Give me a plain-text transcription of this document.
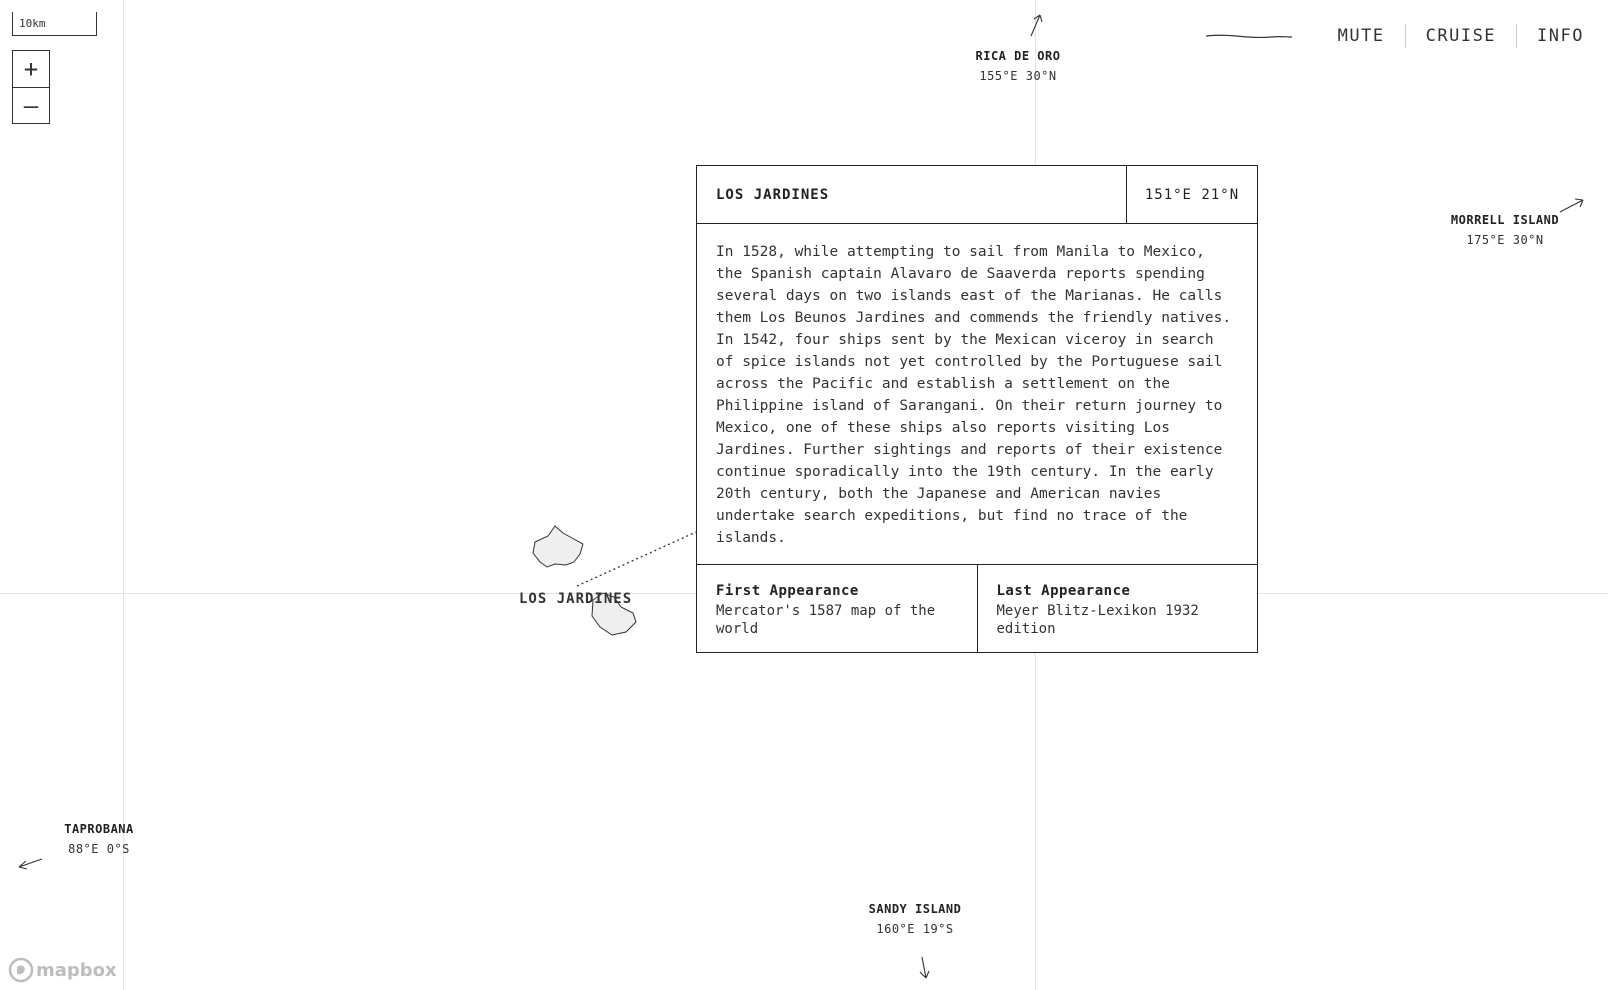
10km
+
—
MUTE	CRUISE	INFO
RICA DE ORO
155°E 30°N
MORRELL ISLAND
175°E 30°N
TAPROBANA
88°E 0°S
SANDY ISLAND
160°E 19°S
LOS JARDINES
LOS JARDINES	151°E 21°N
In 1528, while attempting to sail from Manila to Mexico, the Spanish captain Alavaro de Saaverda reports spending several days on two islands east of the Marianas. He calls them Los Beunos Jardines and commends the friendly natives. In 1542, four ships sent by the Mexican viceroy in search of spice islands not yet controlled by the Portuguese sail across the Pacific and establish a settlement on the Philippine island of Sarangani. On their return journey to Mexico, one of these ships also reports visiting Los Jardines. Further sightings and reports of their existence continue sporadically into the 19th century. In the early 20th century, both the Japanese and American navies undertake search expeditions, but find no trace of the islands.
First Appearance
Mercator's 1587 map of the world
Last Appearance
Meyer Blitz-Lexikon 1932 edition
mapbox
